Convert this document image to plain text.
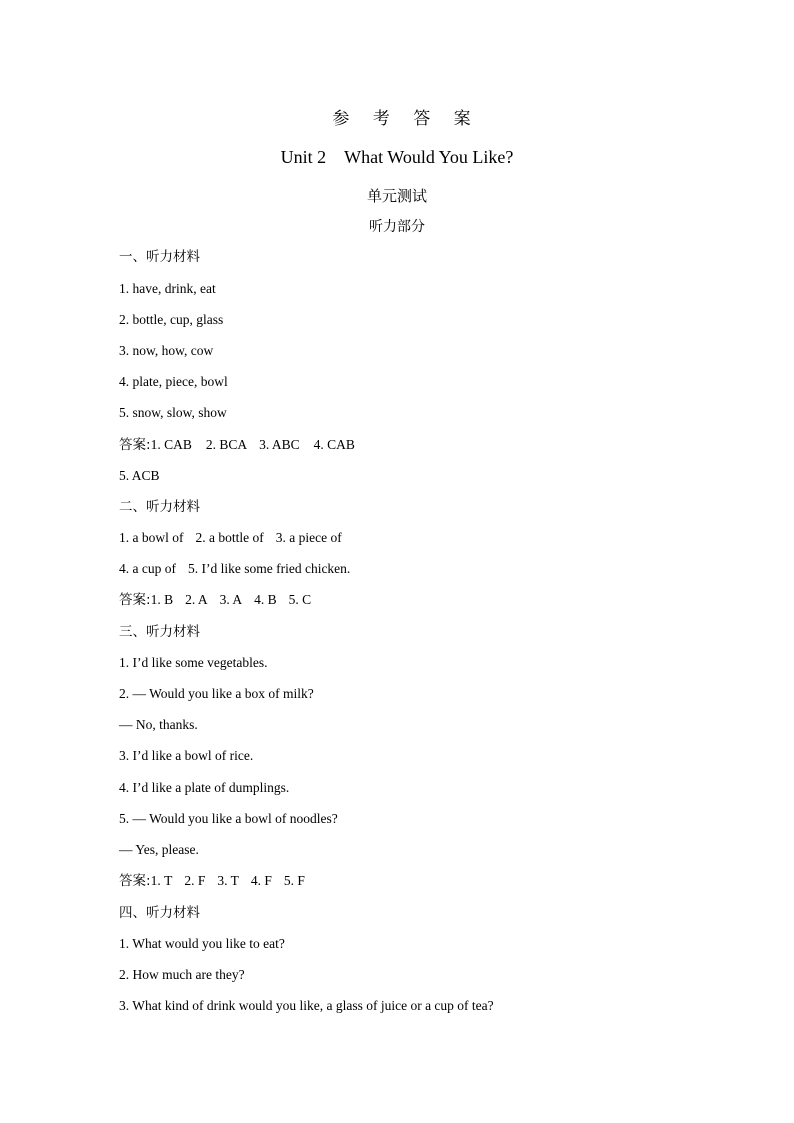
参 考 答 案
Unit 2 What Would You Like?
单元测试
听力部分
一、听力材料
1. have, drink, eat
2. bottle, cup, glass
3. now, how, cow
4. plate, piece, bowl
5. snow, slow, show
答案:1. CAB 2. BCA 3. ABC 4. CAB
5. ACB
二、听力材料
1. a bowl of 2. a bottle of 3. a piece of
4. a cup of 5. I’d like some fried chicken.
答案:1. B 2. A 3. A 4. B 5. C
三、听力材料
1. I’d like some vegetables.
2. — Would you like a box of milk?
— No, thanks.
3. I’d like a bowl of rice.
4. I’d like a plate of dumplings.
5. — Would you like a bowl of noodles?
— Yes, please.
答案:1. T 2. F 3. T 4. F 5. F
四、听力材料
1. What would you like to eat?
2. How much are they?
3. What kind of drink would you like, a glass of juice or a cup of tea?
